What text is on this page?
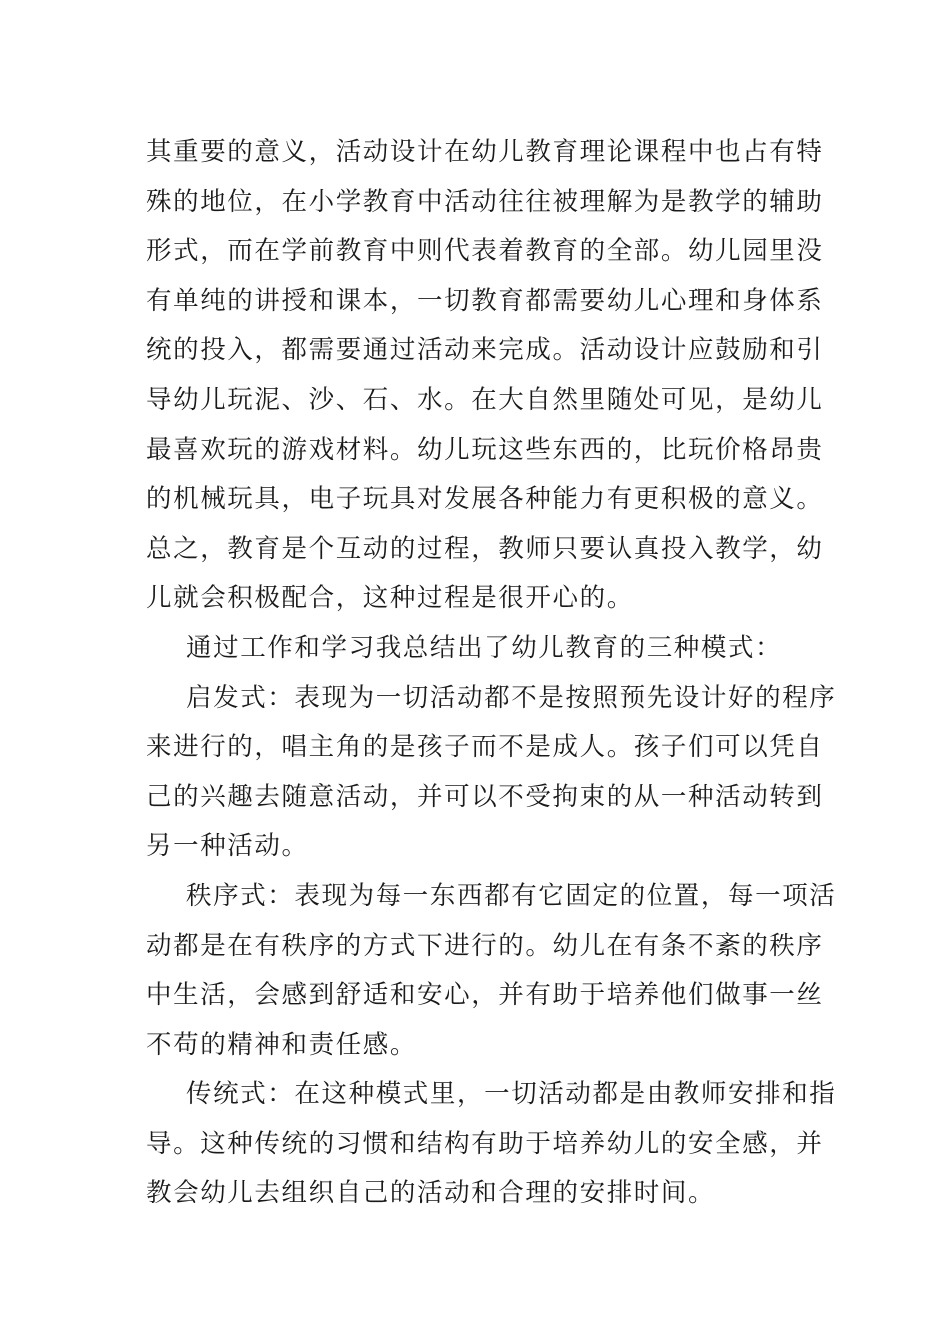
其重要的意义，活动设计在幼儿教育理论课程中也占有特
殊的地位，在小学教育中活动往往被理解为是教学的辅助
形式，而在学前教育中则代表着教育的全部。幼儿园里没
有单纯的讲授和课本，一切教育都需要幼儿心理和身体系
统的投入，都需要通过活动来完成。活动设计应鼓励和引
导幼儿玩泥、沙、石、水。在大自然里随处可见，是幼儿
最喜欢玩的游戏材料。幼儿玩这些东西的，比玩价格昂贵
的机械玩具，电子玩具对发展各种能力有更积极的意义。
总之，教育是个互动的过程，教师只要认真投入教学，幼
儿就会积极配合，这种过程是很开心的。
通过工作和学习我总结出了幼儿教育的三种模式：
启发式：表现为一切活动都不是按照预先设计好的程序
来进行的，唱主角的是孩子而不是成人。孩子们可以凭自
己的兴趣去随意活动，并可以不受拘束的从一种活动转到
另一种活动。
秩序式：表现为每一东西都有它固定的位置，每一项活
动都是在有秩序的方式下进行的。幼儿在有条不紊的秩序
中生活，会感到舒适和安心，并有助于培养他们做事一丝
不苟的精神和责任感。
传统式：在这种模式里，一切活动都是由教师安排和指
导。这种传统的习惯和结构有助于培养幼儿的安全感，并
教会幼儿去组织自己的活动和合理的安排时间。
